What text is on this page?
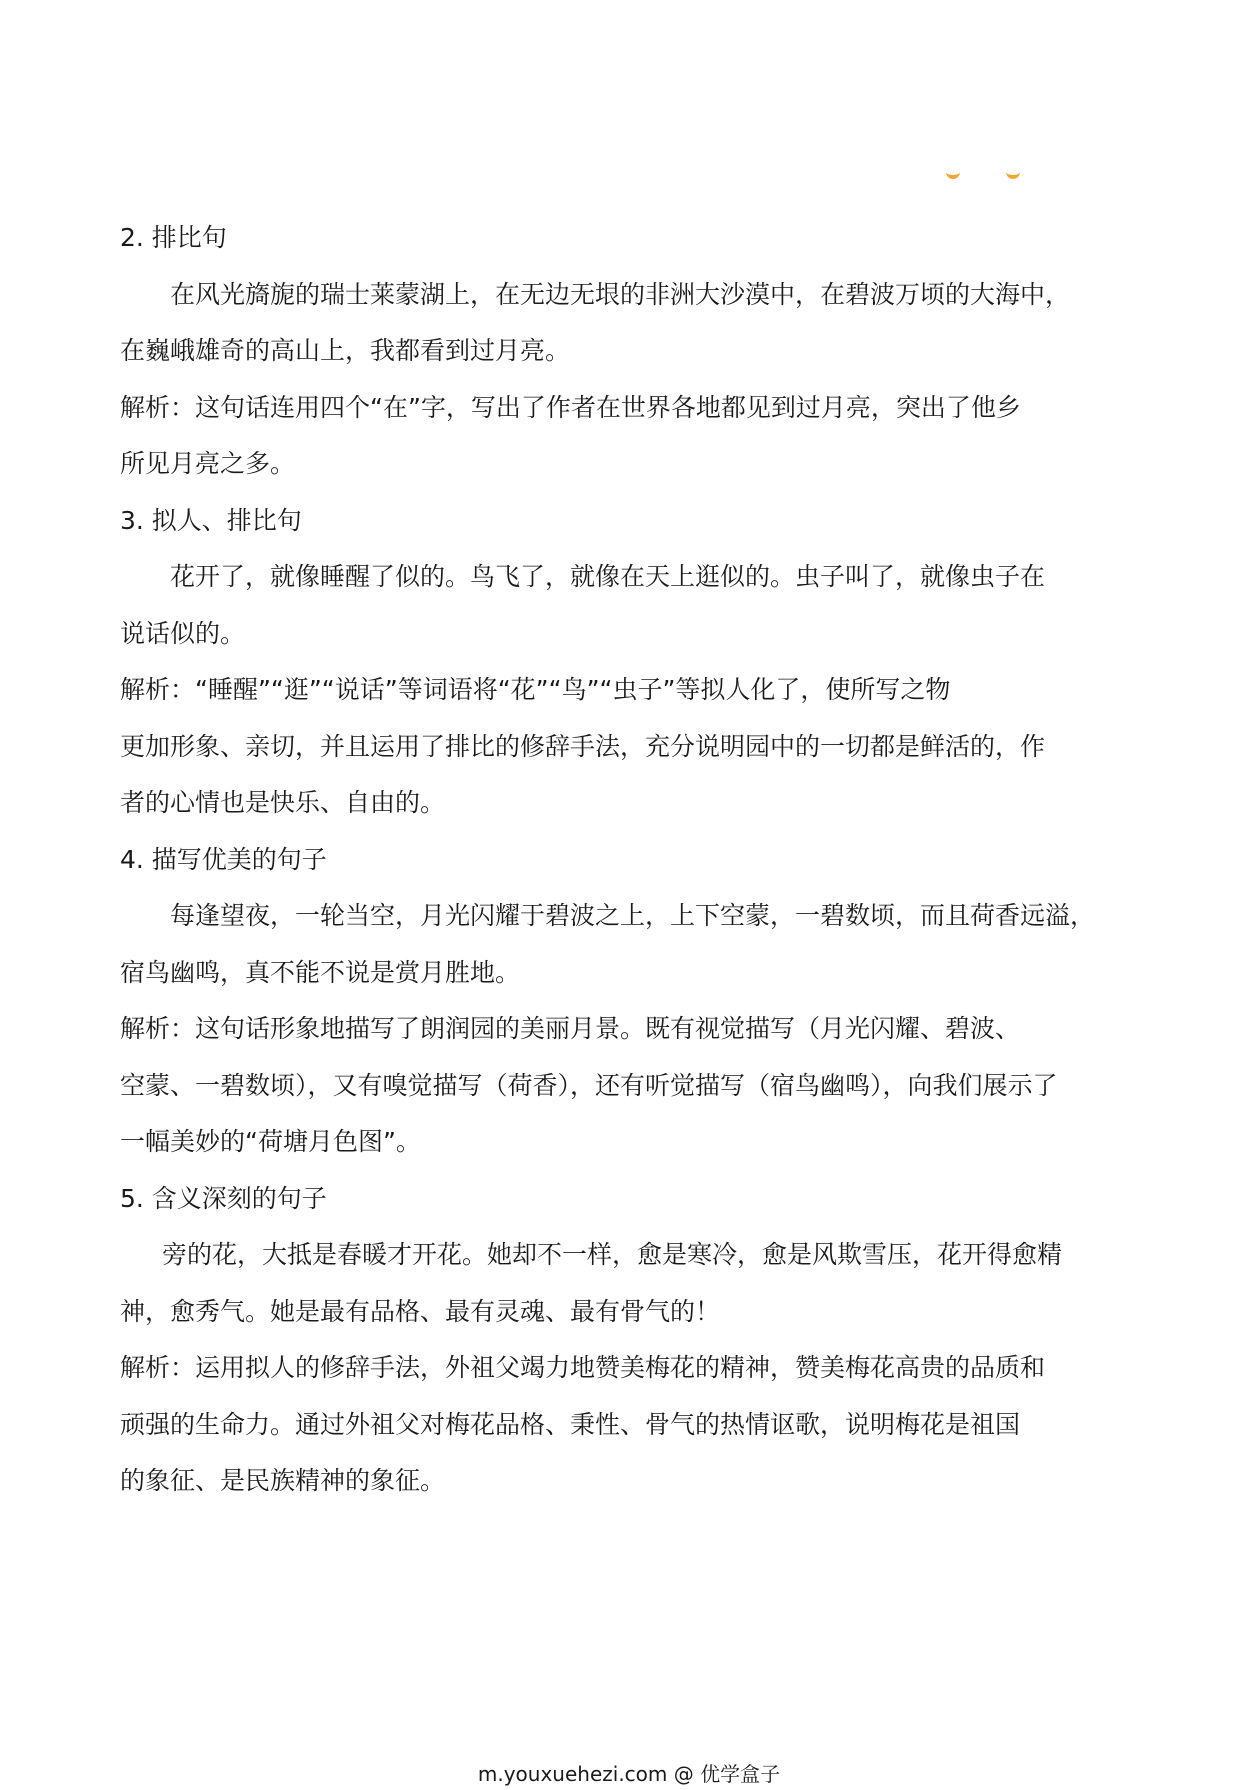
2. 排比句
在风光旖旎的瑞士莱蒙湖上，在无边无垠的非洲大沙漠中，在碧波万顷的大海中，
在巍峨雄奇的高山上，我都看到过月亮。
解析：这句话连用四个“在”字，写出了作者在世界各地都见到过月亮，突出了他乡
所见月亮之多。
3. 拟人、排比句
花开了，就像睡醒了似的。鸟飞了，就像在天上逛似的。虫子叫了，就像虫子在
说话似的。
解析：“睡醒”“逛”“说话”等词语将“花”“鸟”“虫子”等拟人化了，使所写之物
更加形象、亲切，并且运用了排比的修辞手法，充分说明园中的一切都是鲜活的，作
者的心情也是快乐、自由的。
4. 描写优美的句子
每逢望夜，一轮当空，月光闪耀于碧波之上，上下空蒙，一碧数顷，而且荷香远溢，
宿鸟幽鸣，真不能不说是赏月胜地。
解析：这句话形象地描写了朗润园的美丽月景。既有视觉描写（月光闪耀、碧波、
空蒙、一碧数顷），又有嗅觉描写（荷香），还有听觉描写（宿鸟幽鸣），向我们展示了
一幅美妙的“荷塘月色图”。
5. 含义深刻的句子
旁的花，大抵是春暖才开花。她却不一样，愈是寒冷，愈是风欺雪压，花开得愈精
神，愈秀气。她是最有品格、最有灵魂、最有骨气的！
解析：运用拟人的修辞手法，外祖父竭力地赞美梅花的精神，赞美梅花高贵的品质和
顽强的生命力。通过外祖父对梅花品格、秉性、骨气的热情讴歌，说明梅花是祖国
的象征、是民族精神的象征。
m.youxuehezi.com @ 优学盒子
